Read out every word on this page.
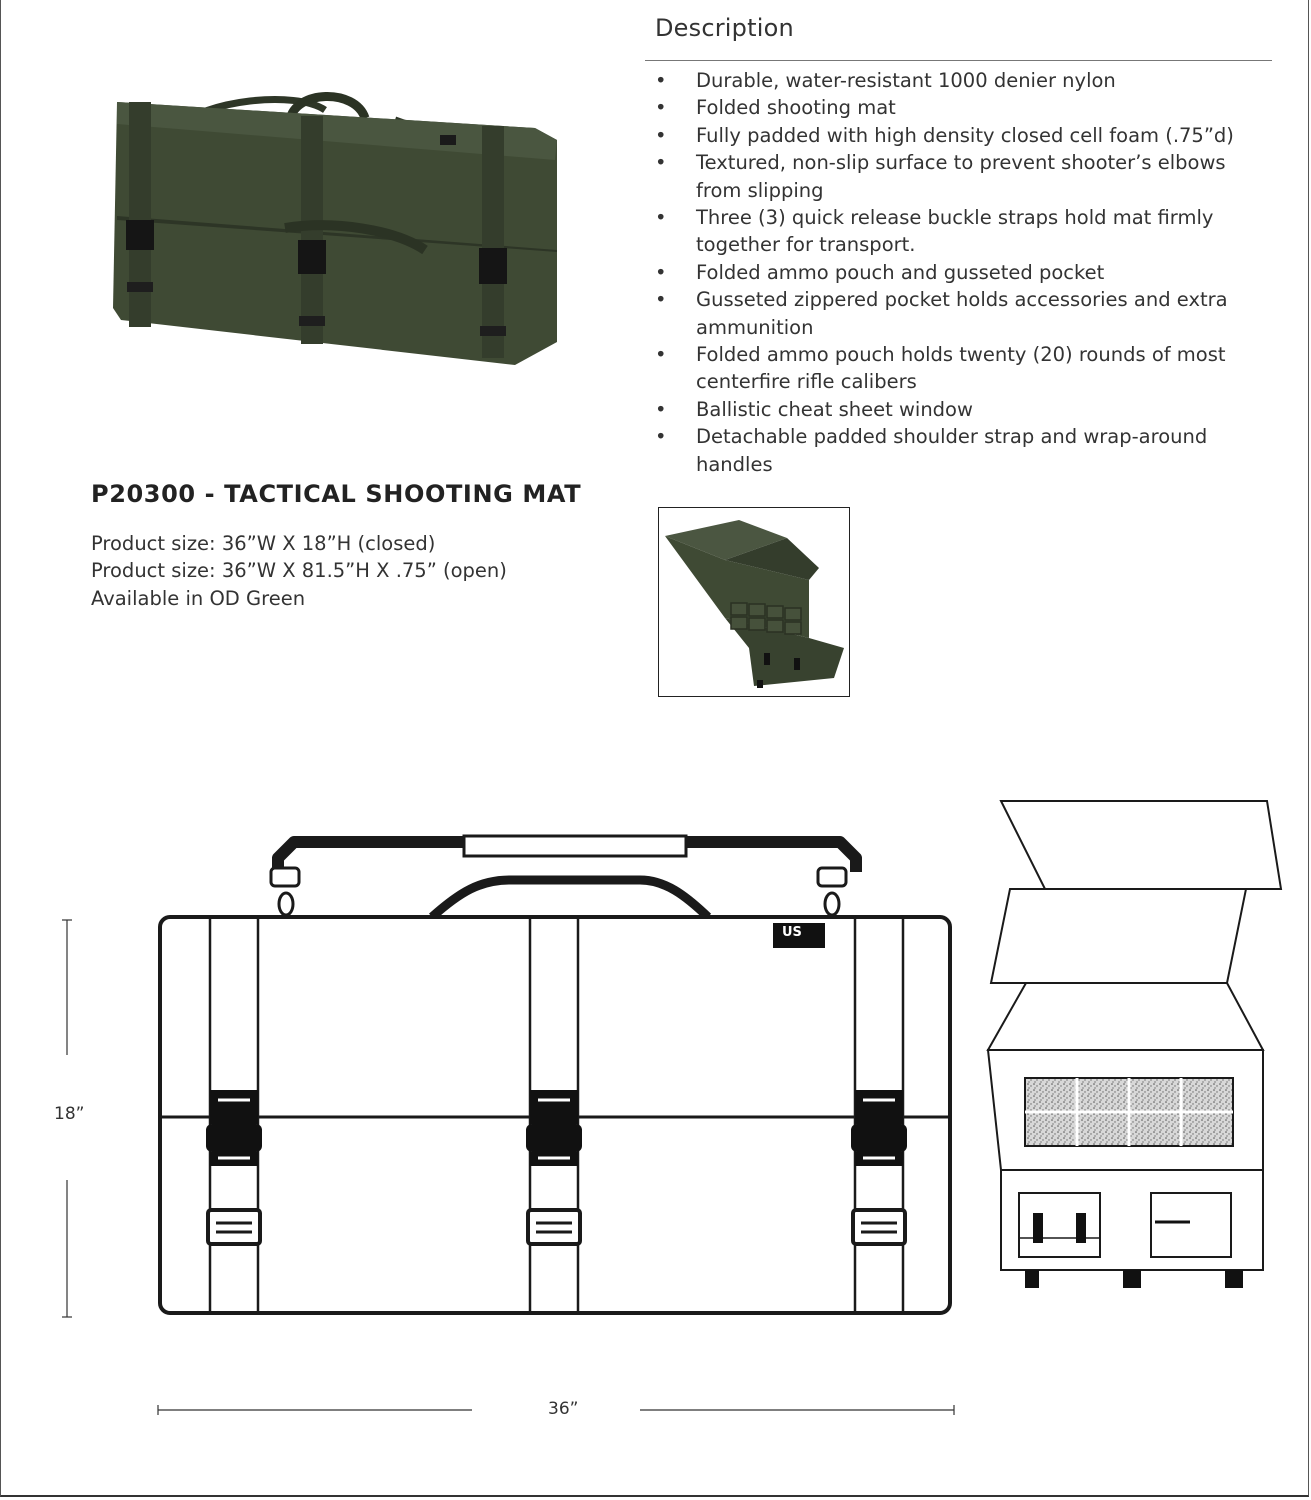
Description
• Durable, water-resistant 1000 denier nylon
• Folded shooting mat
• Fully padded with high density closed cell foam (.75”d)
• Textured, non-slip surface to prevent shooter’s elbows from slipping
• Three (3) quick release buckle straps hold mat firmly together for transport.
• Folded ammo pouch and gusseted pocket
• Gusseted zippered pocket holds accessories and extra ammunition
• Folded ammo pouch holds twenty (20) rounds of most centerfire rifle calibers
• Ballistic cheat sheet window
• Detachable padded shoulder strap and wrap-around handles
P20300 - TACTICAL SHOOTING MAT
Product size: 36”W X 18”H (closed)
Product size: 36”W X 81.5”H X .75” (open)
Available in OD Green
US
18”
36”
